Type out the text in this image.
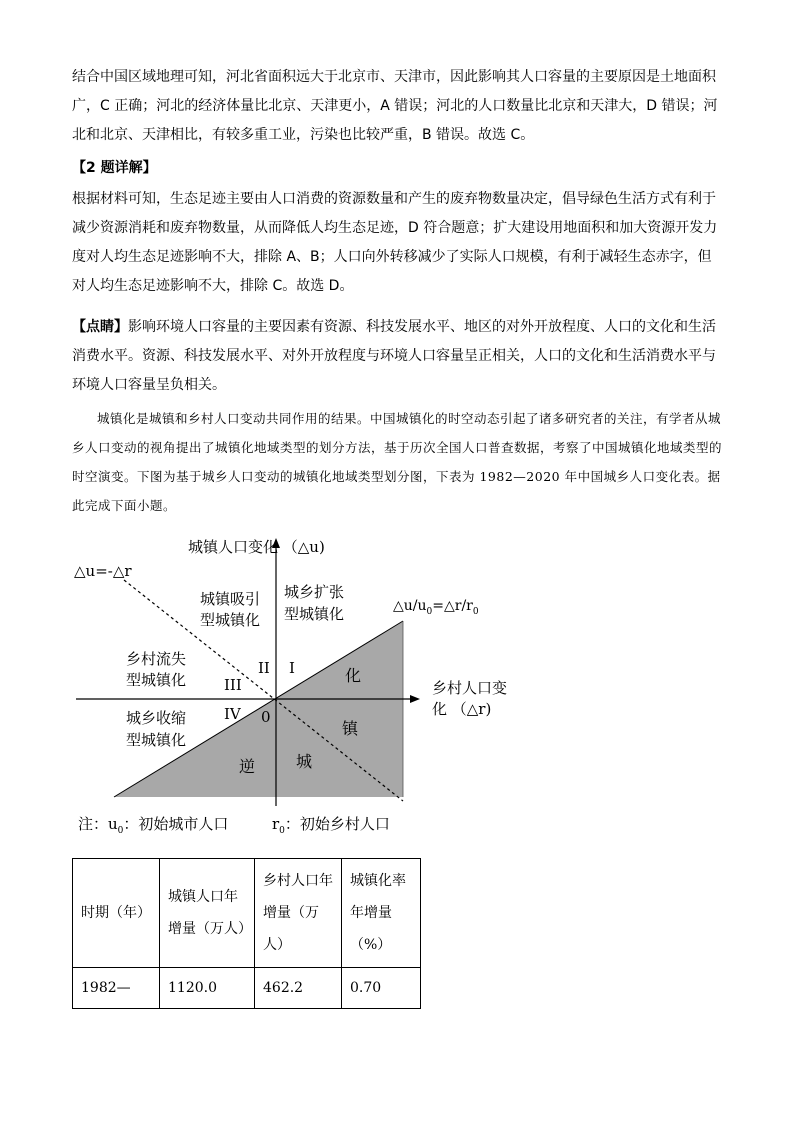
结合中国区域地理可知，河北省面积远大于北京市、天津市，因此影响其人口容量的主要原因是土地面积广，C 正确；河北的经济体量比北京、天津更小，A 错误；河北的人口数量比北京和天津大，D 错误；河北和北京、天津相比，有较多重工业，污染也比较严重，B 错误。故选 C。

【2 题详解】

根据材料可知，生态足迹主要由人口消费的资源数量和产生的废弃物数量决定，倡导绿色生活方式有利于减少资源消耗和废弃物数量，从而降低人均生态足迹，D 符合题意；扩大建设用地面积和加大资源开发力度对人均生态足迹影响不大，排除 A、B；人口向外转移减少了实际人口规模，有利于减轻生态赤字，但对人均生态足迹影响不大，排除 C。故选 D。

【点睛】影响环境人口容量的主要因素有资源、科技发展水平、地区的对外开放程度、人口的文化和生活消费水平。资源、科技发展水平、对外开放程度与环境人口容量呈正相关，人口的文化和生活消费水平与环境人口容量呈负相关。

城镇化是城镇和乡村人口变动共同作用的结果。中国城镇化的时空动态引起了诸多研究者的关注，有学者从城乡人口变动的视角提出了城镇化地域类型的划分方法，基于历次全国人口普查数据，考察了中国城镇化地域类型的时空演变。下图为基于城乡人口变动的城镇化地域类型划分图，下表为 1982—2020 年中国城乡人口变化表。据此完成下面小题。

城镇人口变化 （△u)
乡村人口变
化 （△r)
△u=-△r
$\triangle u/u_0=\triangle r/r_0$
城镇吸引
型城镇化
城乡扩张
型城镇化
乡村流失
型城镇化
城乡收缩
型城镇化
I
II
III
IV 0
化
镇
城
逆
注：$u_0$：初始城市人口	$r_0$：初始乡村人口
时期（年）	城镇人口年增量（万人）	乡村人口年增量（万人）	城镇化率年增量（%）
1982—	1120.0	462.2	0.70
